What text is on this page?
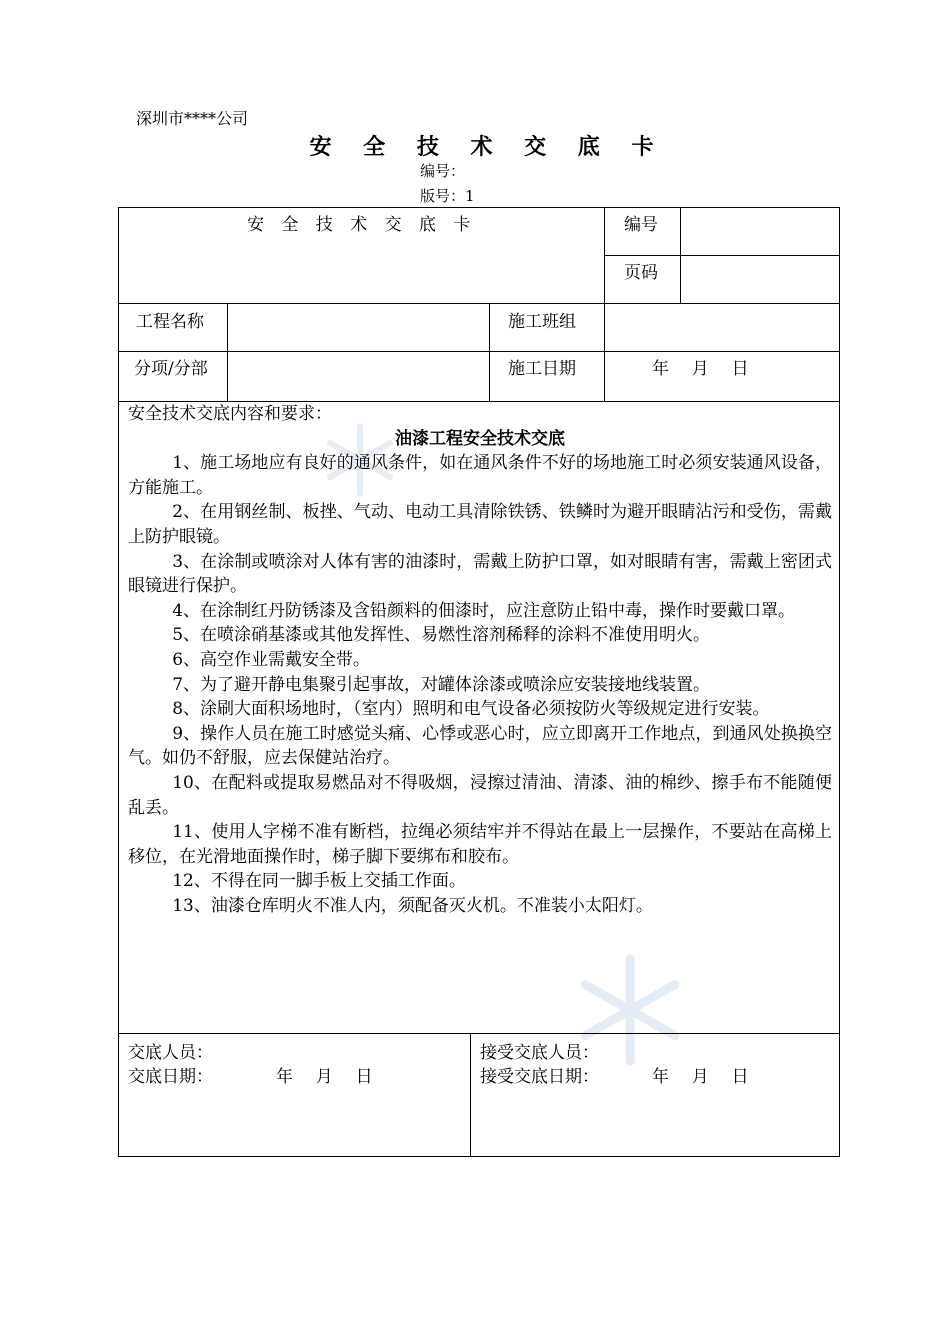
深圳市****公司
安 全 技 术 交 底 卡
编号：
版号：1
安 全 技 术 交 底 卡	编号
页码
工程名称	施工班组
分项/分部	施工日期	年  月  日

安全技术交底内容和要求：

油漆工程安全技术交底

1、施工场地应有良好的通风条件，如在通风条件不好的场地施工时必须安装通风设备，方能施工。

2、在用钢丝制、板挫、气动、电动工具清除铁锈、铁鳞时为避开眼睛沾污和受伤，需戴上防护眼镜。

3、在涂制或喷涂对人体有害的油漆时，需戴上防护口罩，如对眼睛有害，需戴上密团式眼镜进行保护。

4、在涂制红丹防锈漆及含铅颜料的佃漆时，应注意防止铅中毒，操作时要戴口罩。

5、在喷涂硝基漆或其他发挥性、易燃性溶剂稀释的涂料不准使用明火。

6、高空作业需戴安全带。

7、为了避开静电集聚引起事故，对罐体涂漆或喷涂应安装接地线装置。

8、涂刷大面积场地时，（室内）照明和电气设备必须按防火等级规定进行安装。

9、操作人员在施工时感觉头痛、心悸或恶心时，应立即离开工作地点，到通风处换换空气。如仍不舒服，应去保健站治疗。

10、在配料或提取易燃品对不得吸烟，浸擦过清油、清漆、油的棉纱、擦手布不能随便乱丢。

11、使用人字梯不准有断档，拉绳必须结牢并不得站在最上一层操作，不要站在高梯上移位，在光滑地面操作时，梯子脚下要绑布和胶布。

12、不得在同一脚手板上交插工作面。

13、油漆仓库明火不准人内，须配备灭火机。不准装小太阳灯。

交底人员：
交底日期：	年  月  日
接受交底人员：
接受交底日期：	年  月  日
